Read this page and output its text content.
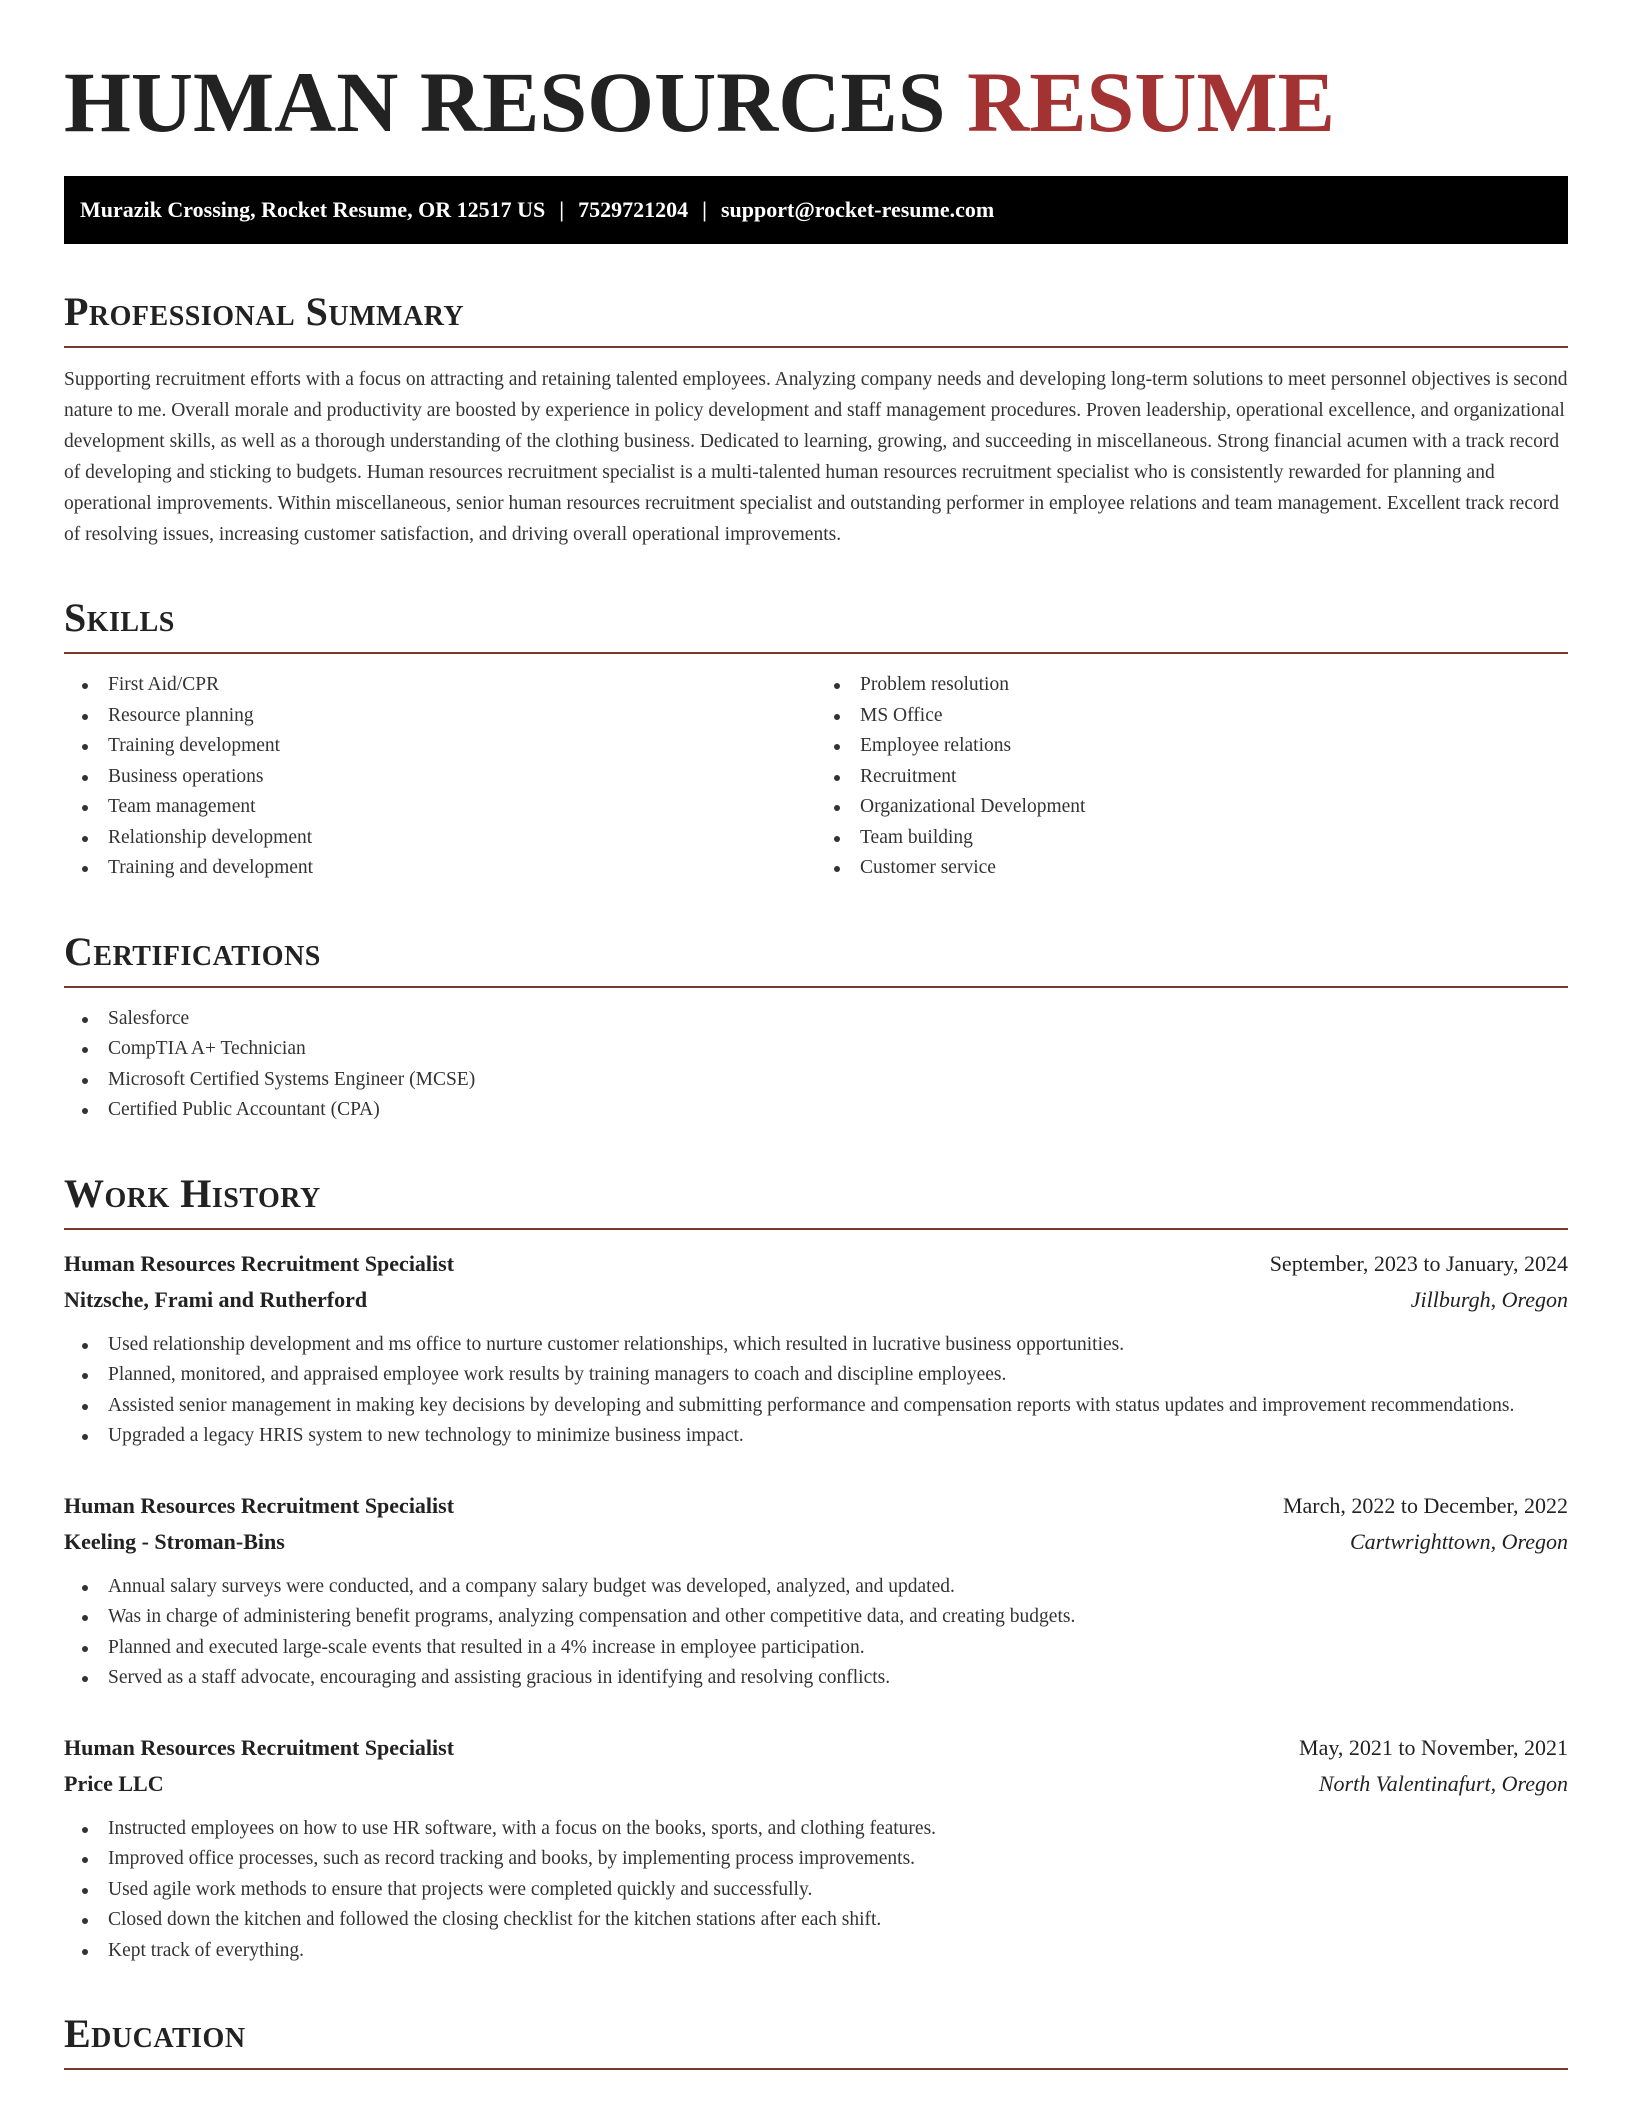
HUMAN RESOURCES RESUME
Murazik Crossing, Rocket Resume, OR 12517 US | 7529721204 | support@rocket-resume.com
Professional Summary

Supporting recruitment efforts with a focus on attracting and retaining talented employees. Analyzing company needs and developing long-term solutions to meet personnel objectives is second nature to me. Overall morale and productivity are boosted by experience in policy development and staff management procedures. Proven leadership, operational excellence, and organizational development skills, as well as a thorough understanding of the clothing business. Dedicated to learning, growing, and succeeding in miscellaneous. Strong financial acumen with a track record of developing and sticking to budgets. Human resources recruitment specialist is a multi-talented human resources recruitment specialist who is consistently rewarded for planning and operational improvements. Within miscellaneous, senior human resources recruitment specialist and outstanding performer in employee relations and team management. Excellent track record of resolving issues, increasing customer satisfaction, and driving overall operational improvements.

Skills
First Aid/CPR
Resource planning
Training development
Business operations
Team management
Relationship development
Training and development
Problem resolution
MS Office
Employee relations
Recruitment
Organizational Development
Team building
Customer service
Certifications
Salesforce
CompTIA A+ Technician
Microsoft Certified Systems Engineer (MCSE)
Certified Public Accountant (CPA)
Work History
Human Resources Recruitment Specialist	September, 2023 to January, 2024
Nitzsche, Frami and Rutherford	Jillburgh, Oregon
Used relationship development and ms office to nurture customer relationships, which resulted in lucrative business opportunities.
Planned, monitored, and appraised employee work results by training managers to coach and discipline employees.
Assisted senior management in making key decisions by developing and submitting performance and compensation reports with status updates and improvement recommendations.
Upgraded a legacy HRIS system to new technology to minimize business impact.
Human Resources Recruitment Specialist	March, 2022 to December, 2022
Keeling - Stroman-Bins	Cartwrighttown, Oregon
Annual salary surveys were conducted, and a company salary budget was developed, analyzed, and updated.
Was in charge of administering benefit programs, analyzing compensation and other competitive data, and creating budgets.
Planned and executed large-scale events that resulted in a 4% increase in employee participation.
Served as a staff advocate, encouraging and assisting gracious in identifying and resolving conflicts.
Human Resources Recruitment Specialist	May, 2021 to November, 2021
Price LLC	North Valentinafurt, Oregon
Instructed employees on how to use HR software, with a focus on the books, sports, and clothing features.
Improved office processes, such as record tracking and books, by implementing process improvements.
Used agile work methods to ensure that projects were completed quickly and successfully.
Closed down the kitchen and followed the closing checklist for the kitchen stations after each shift.
Kept track of everything.
Education
